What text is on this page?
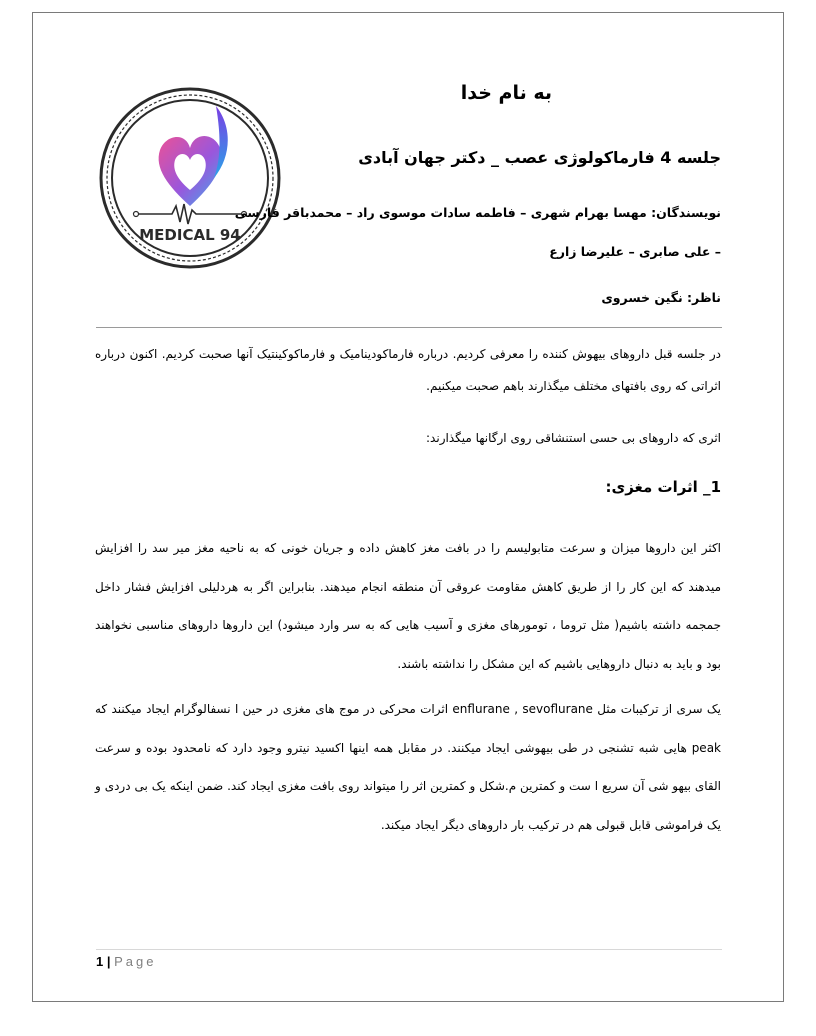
MEDICAL 94
به نام خدا
جلسه 4 فارماکولوژی عصب _ دکتر جهان آبادی
نویسندگان: مهسا بهرام شهری – فاطمه سادات موسوی راد – محمدباقر فارسی
– علی صابری – علیرضا زارع
ناظر: نگین خسروی
در جلسه قبل داروهای بیهوش کننده را معرفی کردیم. درباره فارماکودینامیک و فارماکوکینتیک آنها صحبت کردیم. اکنون درباره اثراتی که روی بافتهای مختلف میگذارند باهم صحبت میکنیم.
اثری که داروهای بی حسی استنشاقی روی ارگانها میگذارند:
1_ اثرات مغزی:
اکثر این داروها میزان و سرعت متابولیسم را در بافت مغز کاهش داده و جریان خونی که به ناحیه مغز میر سد را افزایش میدهند که این کار را از طریق کاهش مقاومت عروقی آن منطقه انجام میدهند. بنابراین اگر به هردلیلی افزایش فشار داخل جمجمه داشته باشیم( مثل تروما ، تومورهای مغزی و آسیب هایی که به سر وارد میشود) این داروها داروهای مناسبی نخواهند بود و باید به دنبال داروهایی باشیم که این مشکل را نداشته باشند.
یک سری از ترکیبات مثل enflurane , sevoflurane اثرات محرکی در موج های مغزی در حین ا نسفالوگرام ایجاد میکنند که peak هایی شبه تشنجی در طی بیهوشی ایجاد میکنند. در مقابل همه اینها اکسید نیترو وجود دارد که نامحدود بوده و سرعت القای بیهو شی آن سریع ا ست و کمترین م.شکل و کمترین اثر را میتواند روی بافت مغزی ایجاد کند. ضمن اینکه یک بی دردی و یک فراموشی قابل قبولی هم در ترکیب بار داروهای دیگر ایجاد میکند.
1 | Page
